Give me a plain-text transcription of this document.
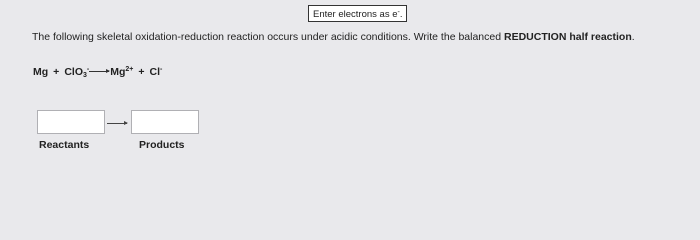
Enter electrons as e-.
The following skeletal oxidation-reduction reaction occurs under acidic conditions. Write the balanced REDUCTION half reaction.
$Mg + ClO_3^- \to Mg^{2+} + Cl^-$
Reactants	Products
